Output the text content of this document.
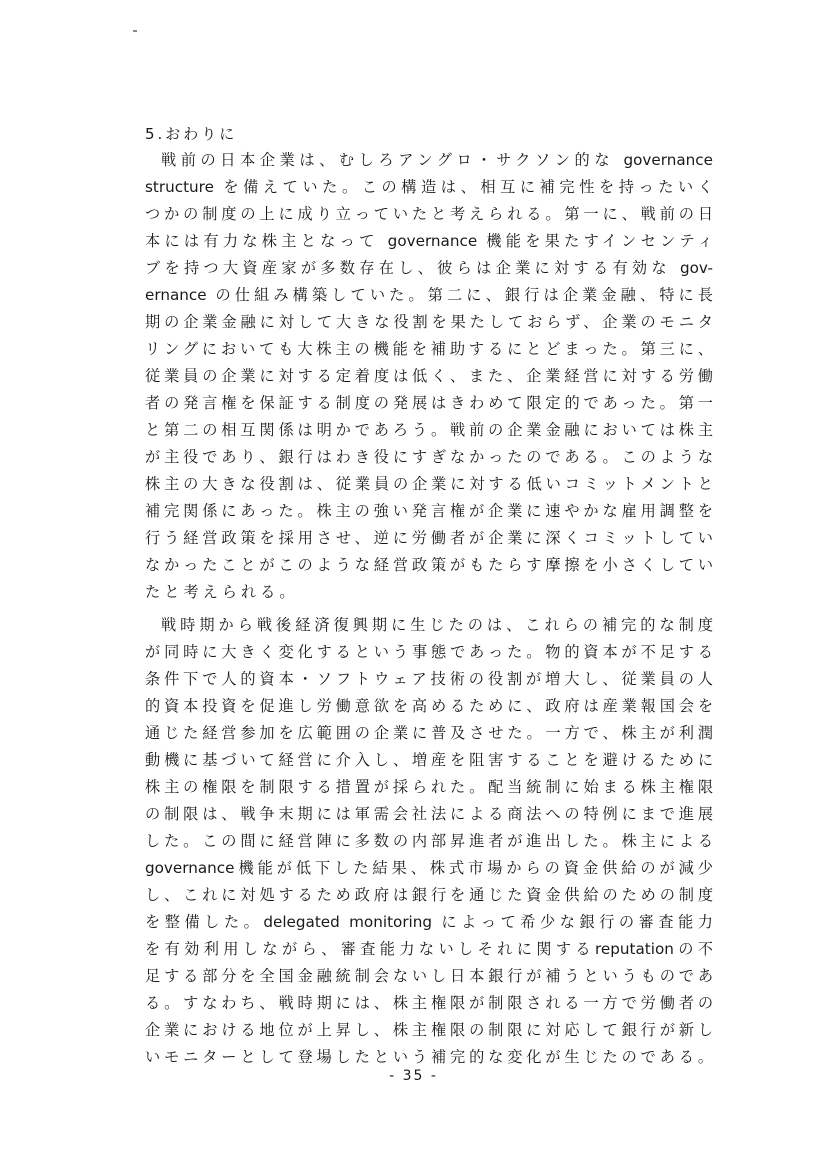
5.おわりに
戦前の日本企業は、むしろアングロ・サクソン的な governance
structure を備えていた。この構造は、相互に補完性を持ったいく
つかの制度の上に成り立っていたと考えられる。第一に、戦前の日
本には有力な株主となって governance 機能を果たすインセンティ
ブを持つ大資産家が多数存在し、彼らは企業に対する有効な gov-
ernance の仕組み構築していた。第二に、銀行は企業金融、特に長
期の企業金融に対して大きな役割を果たしておらず、企業のモニタ
リングにおいても大株主の機能を補助するにとどまった。第三に、
従業員の企業に対する定着度は低く、また、企業経営に対する労働
者の発言権を保証する制度の発展はきわめて限定的であった。第一
と第二の相互関係は明かであろう。戦前の企業金融においては株主
が主役であり、銀行はわき役にすぎなかったのである。このような
株主の大きな役割は、従業員の企業に対する低いコミットメントと
補完関係にあった。株主の強い発言権が企業に速やかな雇用調整を
行う経営政策を採用させ、逆に労働者が企業に深くコミットしてい
なかったことがこのような経営政策がもたらす摩擦を小さくしてい
たと考えられる。
戦時期から戦後経済復興期に生じたのは、これらの補完的な制度
が同時に大きく変化するという事態であった。物的資本が不足する
条件下で人的資本・ソフトウェア技術の役割が増大し、従業員の人
的資本投資を促進し労働意欲を高めるために、政府は産業報国会を
通じた経営参加を広範囲の企業に普及させた。一方で、株主が利潤
動機に基づいて経営に介入し、増産を阻害することを避けるために
株主の権限を制限する措置が採られた。配当統制に始まる株主権限
の制限は、戦争末期には軍需会社法による商法への特例にまで進展
した。この間に経営陣に多数の内部昇進者が進出した。株主による
governance機能が低下した結果、株式市場からの資金供給のが減少
し、これに対処するため政府は銀行を通じた資金供給のための制度
を整備した。delegated monitoring によって希少な銀行の審査能力
を有効利用しながら、審査能力ないしそれに関するreputationの不
足する部分を全国金融統制会ないし日本銀行が補うというものであ
る。すなわち、戦時期には、株主権限が制限される一方で労働者の
企業における地位が上昇し、株主権限の制限に対応して銀行が新し
いモニターとして登場したという補完的な変化が生じたのである。
- 35 -
